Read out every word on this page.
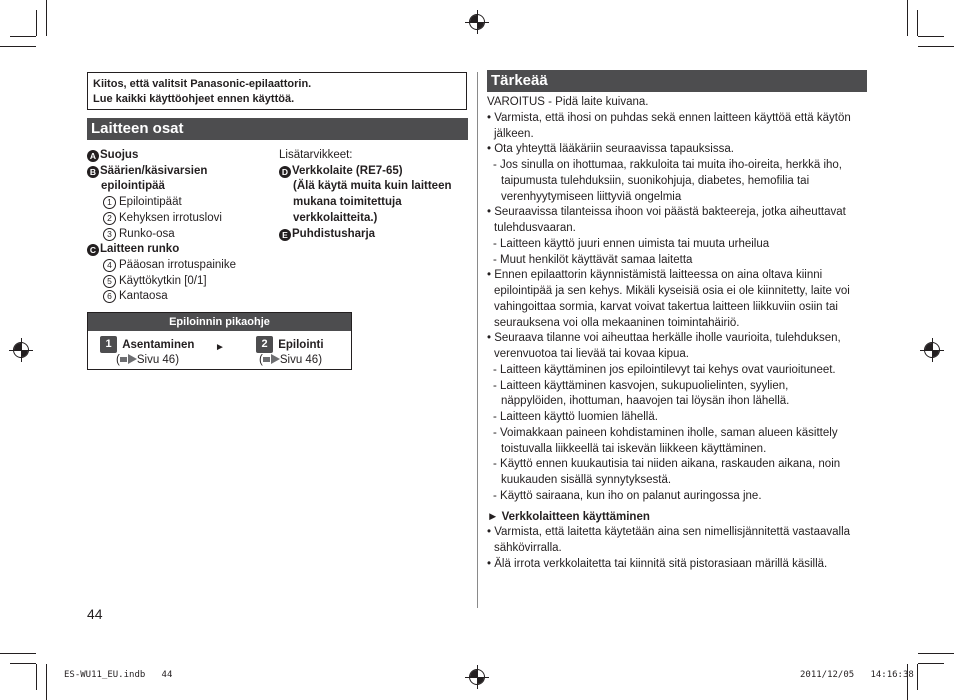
Kiitos, että valitsit Panasonic-epilaattorin.
Lue kaikki käyttöohjeet ennen käyttöä.
Laitteen osat
A Suojus
B Säärien/käsivarsien
epilointipää
1 Epilointipäät
2 Kehyksen irrotuslovi
3 Runko-osa
C Laitteen runko
4 Pääosan irrotuspainike
5 Käyttökytkin [0/1]
6 Kantaosa
Lisätarvikkeet:
D Verkkolaite (RE7-65)
(Älä käytä muita kuin laitteen
mukana toimitettuja
verkkolaitteita.)
E Puhdistusharja
Epiloinnin pikaohje
1 Asentaminen
( Sivu 46)
►	2 Epilointi
( Sivu 46)
Tärkeää

VAROITUS - Pidä laite kuivana.

• Varmista, että ihosi on puhdas sekä ennen laitteen käyttöä että käytön

jälkeen.

• Ota yhteyttä lääkäriin seuraavissa tapauksissa.

- Jos sinulla on ihottumaa, rakkuloita tai muita iho-oireita, herkkä iho,

taipumusta tulehduksiin, suonikohjuja, diabetes, hemofilia tai

verenhyytymiseen liittyviä ongelmia

• Seuraavissa tilanteissa ihoon voi päästä bakteereja, jotka aiheuttavat

tulehdusvaaran.

- Laitteen käyttö juuri ennen uimista tai muuta urheilua

- Muut henkilöt käyttävät samaa laitetta

• Ennen epilaattorin käynnistämistä laitteessa on aina oltava kiinni

epilointipää ja sen kehys. Mikäli kyseisiä osia ei ole kiinnitetty, laite voi

vahingoittaa sormia, karvat voivat takertua laitteen liikkuviin osiin tai

seurauksena voi olla mekaaninen toimintahäiriö.

• Seuraava tilanne voi aiheuttaa herkälle iholle vaurioita, tulehduksen,

verenvuotoa tai lievää tai kovaa kipua.

- Laitteen käyttäminen jos epilointilevyt tai kehys ovat vaurioituneet.

- Laitteen käyttäminen kasvojen, sukupuolielinten, syylien,

näppylöiden, ihottuman, haavojen tai löysän ihon lähellä.

- Laitteen käyttö luomien lähellä.

- Voimakkaan paineen kohdistaminen iholle, saman alueen käsittely

toistuvalla liikkeellä tai iskevän liikkeen käyttäminen.

- Käyttö ennen kuukautisia tai niiden aikana, raskauden aikana, noin

kuukauden sisällä synnytyksestä.

- Käyttö sairaana, kun iho on palanut auringossa jne.

► Verkkolaitteen käyttäminen

• Varmista, että laitetta käytetään aina sen nimellisjännitettä vastaavalla

sähkövirralla.

• Älä irrota verkkolaitetta tai kiinnitä sitä pistorasiaan märillä käsillä.

44
ES-WU11_EU.indb   44	2011/12/05   14:16:38
